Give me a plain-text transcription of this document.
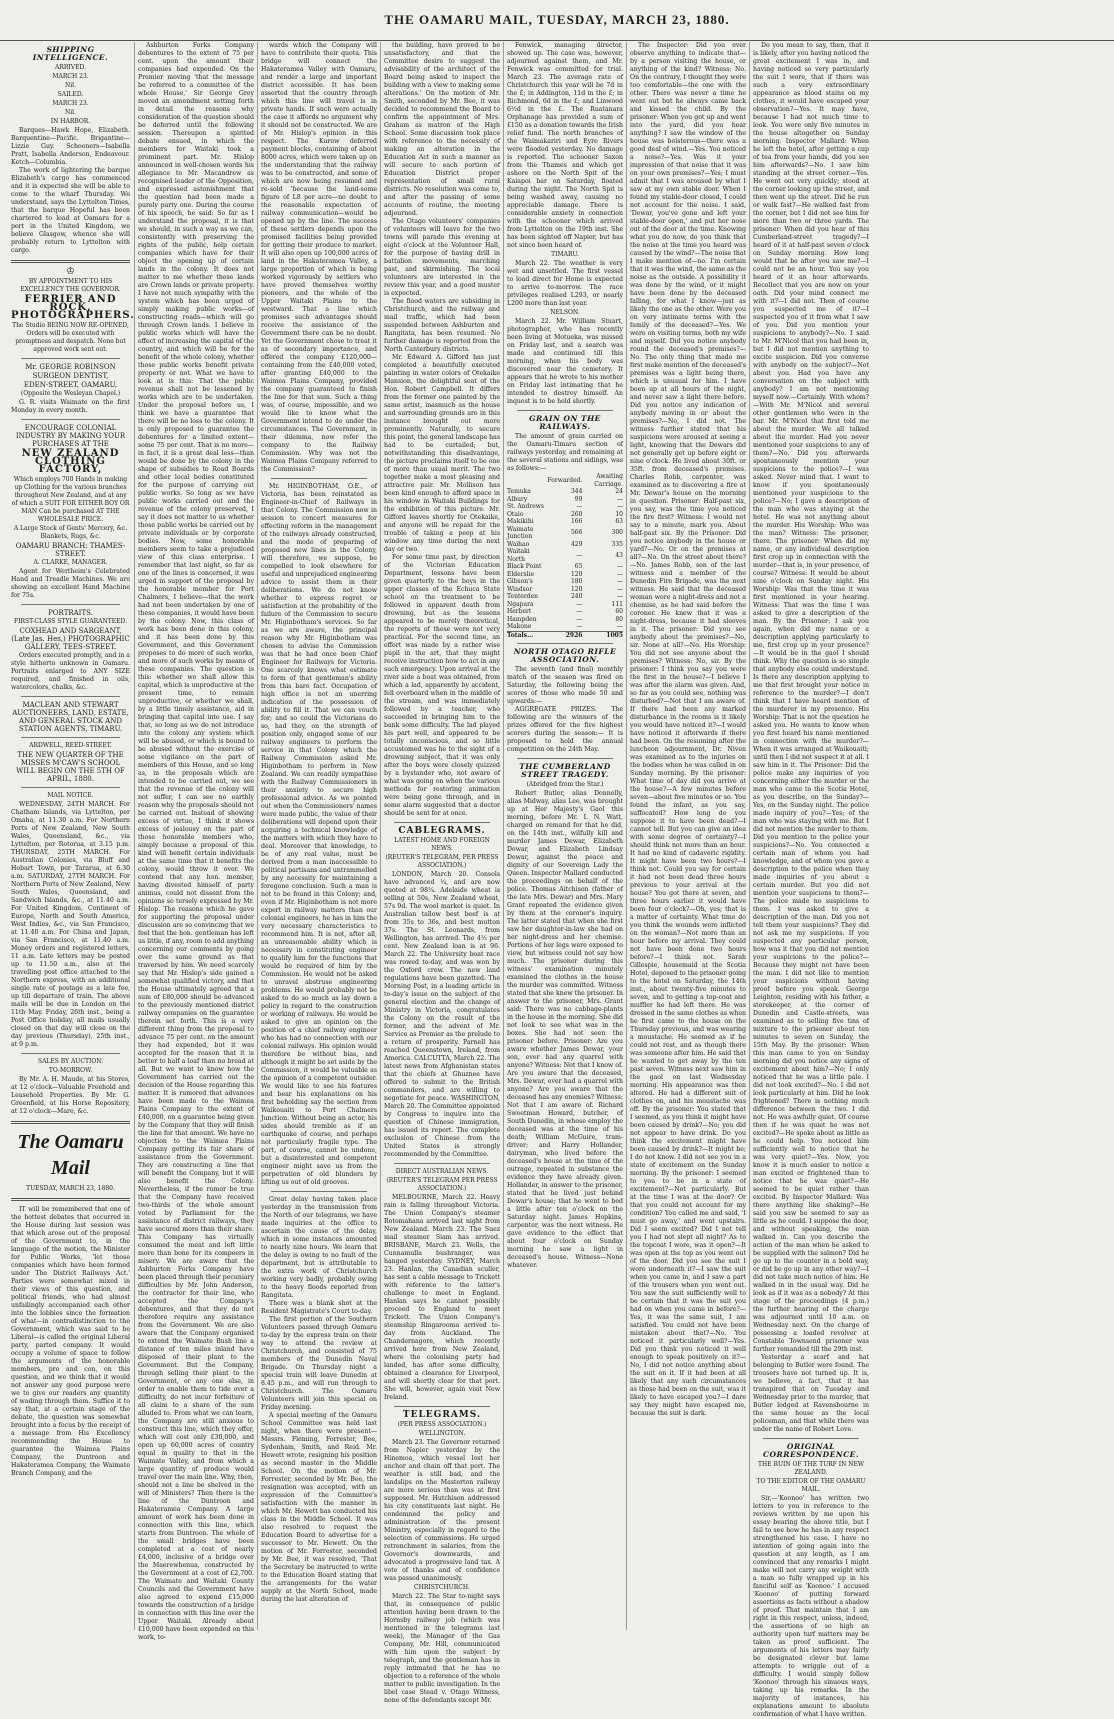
THE OAMARU MAIL, TUESDAY, MARCH 23, 1880.
SHIPPING INTELLIGENCE.
ARRIVED.
MARCH 23.
Nil.
SAILED.
MARCH 23.
Nil.
IN HARBOR.

Barques—Hawk Hope, Elizabeth. Barquentine—Pacific. Brigantine—Lizzie Guy. Schooners—Isabella Pratt, Isabella Anderson, Endeavour. Ketch—Columbia.

The work of lightering the barque Elizabeth's cargo has commenced and it is expected she will be able to come to the wharf Thursday. We understand, says the Lyttelton Times, that the barque Hopeful has been chartered to load at Oamaru for a port in the United Kingdom, we believe Glasgow, whence she will probably return to Lyttelton with cargo.

♔
BY APPOINTMENT TO HIS EXCELLENCY THE GOVERNOR.
FERRIER AND ROCK, PHOTOGRAPHERS.

The Studio BEING NOW RE-OPENED, Orders will be executed with promptness and despatch. None but approved work sent out.

Mr. GEORGE ROBINSON
SURGEON DENTIST,
EDEN-STREET, OAMARU,
(Opposite the Wesleyan Chapel.)

G. R. visits Waimate on the first Monday in every month.

ENCOURAGE COLONIAL INDUSTRY BY MAKING YOUR PURCHASES AT THE
NEW ZEALAND CLOTHING FACTORY,

Which employs 700 Hands in making up Clothing for the various branches throughout New Zealand, and at any of which a SUIT FOR EITHER BOY OR MAN Can be purchased AT THE WHOLESALE PRICE.

A Large Stock of Gents' Mercery, &c. Blankets, Rugs, &c.

OAMARU BRANCH: THAMES-STREET.
A. CLARKE, MANAGER.

Agent for Wertheim's Celebrated Hand and Treadle Machines. We are showing an excellent Hand Machine for 75s.

PORTRAITS.
FIRST-CLASS STYLE GUARANTEED.
COXHEAD AND SARGEANT, (Late Jas. Hes,) PHOTOGRAPHIC GALLERY, TEES-STREET.

Orders executed promptly, and in a style hitherto unknown in Oamaru. Portraits enlarged to ANY SIZE required, and finished in oils, watercolors, chalks, &c.

MACLEAN AND STEWART AUCTIONEERS, LAND, ESTATE, AND GENERAL STOCK AND STATION AGENTS, TIMARU.
ARDWELL, REED-STREET.
THE NEW QUARTER OF THE MISSES M'CAW'S SCHOOL WILL BEGIN ON THE 5TH OF APRIL, 1880.
MAIL NOTICE.

WEDNESDAY, 24TH MARCH. For Chatham Islands, via Lyttelton, per Omaha, at 11.30 a.m. For Northern Ports of New Zealand, New South Wales, Queensland, &c., via Lyttelton, per Rotorua, at 3.15 p.m. THURSDAY, 25TH MARCH. For Australian Colonies, via Bluff and Hobart Town, per Tararua, at 6.30 a.m. SATURDAY, 27TH MARCH. For Northern Ports of New Zealand, New South Wales, Queensland, and Sandwich Islands, &c., at 11.40 a.m. For United Kingdom, Continent of Europe, North and South America, West Indies, &c., via San Francisco, at 11.40 a.m. For China and Japan, via San Francisco, at 11.40 a.m. Money orders and registered letters, 11 a.m. Late letters may be posted up to 11.50 a.m., also at the travelling post office attached to the Northern express, with an additional single rate of postage as a late fee, up till departure of train. The above mails will be due in London on the 11th May. Friday, 26th inst., being a Post Office holiday, all mails usually closed on that day will close on the day previous (Thursday), 25th inst., at 9 p.m.

SALES BY AUCTION.
TO-MORROW.

By Mr. A. H. Maude, at his Stores, at 12 o'clock—Valuable Freehold and Leasehold Properties. By Mr. G. Greenfield, at his Horse Repository, at 12 o'clock—Mare, &c.

The Oamaru Mail
TUESDAY, MARCH 23, 1880.

IT will be remembered that one of the hottest debates that occurred in the House during last session was that which arose out of the proposal of the Government to, in the language of the motion, the Minister for Public Works, 'let those companies which have been formed under The District Railways Act.' Parties were somewhat mixed in their views of this question, and political friends, who had almost unfailingly accompanied each other into the lobbies since the formation of what—in contradistinction to the Government, which was said to be Liberal—is called the original Liberal party, parted company. It would occupy a volume of space to follow the arguments of the honorable members, pro and con, on this question, and we think that it would not answer any good purpose were we to give our readers any quantity of wading through them. Suffice it to say that, at a certain stage of the debate, the question was somewhat brought into a focus by the receipt of a message from His Excellency recommending the House to guarantee the Waimea Plains Company, the Duntroon and Hakateramea Company, the Waimate Branch Company, and the

Ashburton Forks Company debentures to the extent of 75 per cent. upon the amount their companies had expended. On the Premier moving 'that the message be referred to a committee of the whole House,' Sir George Grey moved an amendment setting forth in detail the reasons why consideration of the question should be deferred until the following session. Thereupon a spirited debate ensued, in which the members for Waitaki took a prominent part. Mr. Hislop announced in well-chosen words his allegiance to Mr. Macandrew as recognised leader of the Opposition, and expressed astonishment that the question had been made a purely party one. During the course of his speech, he said: So far as I understand the proposal, it is that we should, in such a way as we can, consistently with preserving the rights of the public, help certain companies which have for their object the opening up of certain lands in the colony. It does not matter to me whether these lands are Crown lands or private property. I have not much sympathy with the system which has been urged of simply making public works—of constructing roads—which will go through Crown lands. I believe in public works which will have the effect of increasing the capital of the country, and which will be for the benefit of the whole colony, whether those public works benefit private property or not. What we have to look at is this: That the public revenue shall not be lessened by works which are to be undertaken. Under the proposal before us, I think we have a guarantee that there will be no loss to the colony. It is only proposed to guarantee the debentures for a limited extent—some 75 per cent. That is no more—in fact, it is a great deal less—than would be done by the colony in the shape of subsidies to Road Boards and other local bodies constituted for the purpose of carrying out public works. So long as we have public works carried out and the revenue of the colony preserved, I say it does not matter to us whether those public works be carried out by private individuals or by corporate bodies. Now, some honorable members seem to take a prejudiced view of this class enterprise. I remember that last night, so far as one of the lines is concerned, it was urged in support of the proposal by the honorable member for Port Chalmers, I believe—that the work had not been undertaken by one of these companies, it would have been by the colony. Now, this class of work has been done in this colony, and it has been done by this Government, and this Government proposes to do more of such works, and more of such works by means of these companies. The question is this: whether we shall allow this capital, which is unproductive at the present time, to remain unproductive, or whether we shall, by a little timely assistance, aid in bringing that capital into use. I say that, so long as we do not introduce into the colony any system which will be abused, or which is bound to be abused without the exercise of some vigilance on the part of members of this House, and so long as, in the proposals which are intended to be carried out, we see that the revenue of the colony will not suffer, I can see no earthly reason why the proposals should not be carried out. Instead of showing excess of virtue, I think it shows excess of jealousy on the part of those honorable members who, simply because a proposal of this kind will benefit certain individuals at the same time that it benefits the colony, would throw it over. We contend that any hon. member, having divested himself of party animus, could not dissent from the opinions so tersely expressed by Mr. Hislop. The reasons which he gave for supporting the proposal under discussion are so convincing that we feel that the hon. gentleman has left us little, if any, room to add anything concerning our comments by going over the same ground as that traversed by him. We need scarcely say that Mr. Hislop's side gained a somewhat qualified victory, and that the House ultimately agreed that a sum of £80,000 should be advanced to the previously mentioned district railway companies on the guarantee therein set forth. This is a very different thing from the proposal to advance 75 per cent. on the amount they had expended, but it was accepted for the reason that it is better to half a loaf than no bread at all. But we want to know how the Government has carried out the decision of the House regarding this matter. It is rumored that advances have been made to the Waimea Plains Company to the extent of £40,000, on a guarantee being given by the Company that they will finish the line for that amount. We have no objection to the Waimea Plains Company getting its fair share of assistance from the Government. They are constructing a line that will benefit the Company, but it will also benefit the Colony. Nevertheless, if the rumor be true that the Company have received two-thirds of the whole amount voted by Parliament for the assistance of district railways, they have secured more than their share. This Company has virtually consumed the meat and left little more than bone for its compeers in misery. We are aware that the Ashburton Forks Company have been placed through their pecuniary difficulties by Mr. John Anderson, the contractor for their line, who accepted the Company's debentures, and that they do not therefore require any assistance from the Government. We are also aware that the Company organised to extend the Waimate Bush line a distance of ten miles inland have disposed of their plant to the Government. But the Company, through selling their plant to the Government, or any one else, in order to enable them to tide over a difficulty, do not incur forfeiture of all claim to a share of the sum alluded to. From what we can learn, the Company are still anxious to construct this line, which they offer, which will cost only £30,000, and open up 60,000 acres of country equal in quality to that in the Waimate Valley, and from which a large quantity of produce would travel over the main line. Why, then, should not a line be shelved in the will of Ministers? Then there is the line of the Duntroon and Hakateramea Company. A large amount of work has been done in connection with this line, which starts from Duntroon. The whole of the small bridges have been completed at a cost of nearly £4,000, inclusive of a bridge over the Maerewhenua, constructed by the Government at a cost of £2,700. The Waimate and Waitaki County Councils and the Government have also agreed to expend £15,000 towards the construction of a bridge in connection with this line over the Upper Waitaki. Already about £10,000 have been expended on this work, to-

wards which the Company will have to contribute their quota. This bridge will connect the Hakateramea Valley with Oamaru, and render a large and important district accessible. It has been asserted that the country through which this line will travel is in private hands. If such were actually the case it affords no argument why it should not be constructed. We are of Mr. Hislop's opinion in this respect. The Kurow deferred payment blocks, containing of about 8000 acres, which were taken up on the understanding that the railway was to be constructed, and some of which are now being resumed and re-sold 'because the land-some figure of L8 per acre—no doubt to the reasonable expectation of railway communication—would be opened up by the line. The success of these settlers depends upon the promised facilities being provided for getting their produce to market. It will also open up 100,000 acres of land in the Hakateramea Valley, a large proportion of which is being worked vigorously by settlers who have proved themselves worthy pioneers, and the whole of the Upper Waitaki Plains to the westward. That a line which promises such advantages should receive the assistance of the Government there can be no doubt. Yet the Government chose to treat it as of secondary importance, and offered the company £120,000—containing from the £40,000 voted, after granting £40,000 to the Waimea Plains Company, provided the company guaranteed to finish the line for that sum. Such a thing was, of course, impossible, and we would like to know what the Government intend to do under the circumstances. The Government, in their dilemma, now refer the company to the Railway Commission. Why was not the Waimea Plains Company referred to the Commission?

Mr. HIGINBOTHAM, O.E., of Victoria, has been reinstated as Engineer-in-Chief of Railways in that Colony. The Commission now in session to concert measures for effecting reform in the management of the railways already constructed, and the mode of preparing of proposed new lines in the Colony, will therefore, we suppose, be compelled to look elsewhere for useful and unprejudiced engineering advice to assist them in their deliberations. We do not know whether to express regret or satisfaction at the probability of the failure of the Commission to secure Mr. Higinbotham's services. So far as we are aware, the principal reason why Mr. Higinbotham was chosen to advise the Commission was that he had once been Chief Engineer for Railways for Victoria. One scarcely knows what estimate to form of that gentleman's ability from this bare fact. Occupation of high office is not an unerring indication of the possession of ability to fill it. That we can vouch for; and so could the Victorians do so, had they, on the strength of position only, engaged some of our railway engineers to perform the service in that Colony which the Railway Commission asked Mr. Higinbotham to perform in New Zealand. We can readily sympathise with the Railway Commissioners in their anxiety to secure high professional advice. As we pointed out when the Commissioners' names were made public, the value of their deliberations will depend upon their acquiring a technical knowledge of the matters with which they have to deal. Moreover that knowledge, to be of any real value, must be derived from a man inaccessible to political partisans and untrammelled by any necessity for maintaining a foregone conclusion. Such a man is not to be found in this Colony; and, even if Mr. Higinbotham is not more expert in railway matters than our colonial engineers, he has in him the very necessary characteristics to recommend him. It is not, after all, an unreasonable ability which is necessary in constituting engineer to qualify him for the functions that would be required of him by the Commission. He would not be asked to unravel abstruse engineering problems. He would probably not be asked to do so much as lay down a policy in regard to the construction or working of railways. He would be asked to give an opinion on the position of a chief railway engineer who has had no connection with our colonial railways. His opinion would therefore be without bias, and although it might be set aside by the Commission, it would be valuable as the opinion of a competent outsider. We would like to see his features and bear his explanations on his first beholding say the section from Waikouaiti to Port Chalmers Junction. Without being an actor, his sides should tremble as if an earthquake of course, and perhaps not particularly fragile type. The part, of course, cannot be undone, but a disinterested and competent engineer might save us from the perpetration of old blunders by lifting us out of old grooves.

Great delay having taken place yesterday in the transmission from the North of our telegrams, we have made inquiries at the office to ascertain the cause of the delay, which in some instances amounted to nearly nine hours. We learn that the delay is owing to no fault of the department, but is attributable to the extra work of Christchurch working very badly, probably owing to the heavy floods reported from Rangitata.

There was a blank shot at the Resident Magistrate's Court to-day.

The first portion of the Southern Volunteers passed through Oamaru to-day by the express train on their way to attend the review at Christchurch, and consisted of 75 members of the Dunedin Naval Brigade. On Thursday night a special train will leave Dunedin at 8.45 p.m., and will run through to Christchurch. The Oamaru Volunteers will join this special on Friday morning.

A special meeting of the Oamaru School Committee was held last night, when there were present—Messrs. Fleming, Forrester, Bee, Sydenham, Smith, and Reid. Mr. Hewett wrote, resigning his position as second master in the Middle School. On the motion of Mr. Forrester, seconded by Mr. Bee, the resignation was accepted, with an expression of the Committee's satisfaction with the manner in which Mr. Hewett has conducted his class in the Middle School. It was also resolved to request the Education Board to advertise for a successor to Mr. Hewett. On the motion of Mr. Forrester, seconded by Mr. Bee, it was resolved, 'That the Secretary be instructed to write to the Education Board stating that the arrangements for the water supply at the North School, made during the last alteration of

the building, have proved to be unsatisfactory, and that the Committee desire to suggest the advisability of the architect of the Board being asked to inspect the building with a view to making some alterations.' On the motion of Mr. Smith, seconded by Mr. Bee, it was decided to recommend the Board to confirm the appointment of Mrs. Graham as matron of the High School. Some discussion took place with reference to the necessity of making an alteration in the Education Act in such a manner as will secure to each portion of Education District proper representation of small rural districts. No resolution was come to, and after the passing of some accounts of routine, the meeting adjourned.

The Otago volunteers' companies of volunteers will leave for the two towns will parade this evening at eight o'clock at the Volunteer Hall, for the purpose of having drill in battalion movements, marching past, and skirmishing. The local volunteers are interested in the review this year, and a good muster is expected.

The flood waters are subsiding in Christchurch, and the railway and mail traffic, which had been suspended between Ashburton and Rangitata, has been resumed. No further damage is reported from the North Canterbury districts.

Mr. Edward A. Gifford has just completed a beautifully executed painting in water colors of Otekaike Mansion, the delightful seat of the Hon. Robert Campbell. It differs from the former one painted by the same artist, inasmuch as the house and surrounding grounds are in this instance brought out more prominently. Naturally, to secure this point, the general landscape has had to be curtailed; but, notwithstanding this disadvantage, the picture proclaims itself to be one of more than usual merit. The two together make a most pleasing and attractive pair. Mr. Mollison has been kind enough to afford space in his window in Waitaki Buildings for the exhibition of this picture. Mr. Gifford leaves shortly for Otekaike, and anyone will be repaid for the trouble of taking a peep at his window any time during the next day or two.

For some time past, by direction of the Victorian Education Department, lessons have been given quarterly to the boys in the upper classes of the Echuca State school on the treatment to be followed in apparent death from drowning, but as the lessons appeared to be merely theoretical, the reports of these were not very practical. For the second time, an effort was made by a rather wise pupil in the art, that they might receive instruction how to act in any such emergency. Upon arrival at the river side a boat was obtained, from which a lad, apparently by accident, fell overboard when in the middle of the stream, and was immediately followed by a teacher, who succeeded in bringing him to the bank some difficulty. The lad played his part well, and appeared to be totally unconscious, and so little accustomed was he to the sight of a drowning subject, that it was only after the boys were closely quizzed by a bystander who, not aware of what was going on when the various methods for restoring animation were being gone through, and in some alarm suggested that a doctor should be sent for at once.

CABLEGRAMS.
LATEST HOME AND FOREIGN NEWS.
(REUTER'S TELEGRAM, PER PRESS ASSOCIATION.)

LONDON, March 20. Consols have advanced ¼, and are now quoted at 98¼. Adelaide wheat is selling at 50s, New Zealand wheat, 57s 9d. The wool market is quiet. In Australian tallow best beef is at from 35s to 36s, and best mutton 37s. The St. Leonards, from Wellington, has arrived. The 4½ per cent. New Zealand loan is at 96. March 22. The University boat race was rowed to-day, and was won by the Oxford crew. The new land regulations have been gazetted. The Morning Post, in a leading article in to-day's issue on the subject of the general election and the change of Ministry in Victoria, congratulates the Colony on the result of the former, and the advent of Mr. Service as Premier as the prelude to a return of prosperity. Parnell has reached Queenstown, Ireland, from America. CALCUTTA, March 22. The latest news from Afghanistan states that the chiefs at Ghuznee have offered to submit to the British commanders, and are willing to negotiate for peace. WASHINGTON, March 20. The Committee appointed by Congress to inquire into the question of Chinese immigration, has issued its report. The complete exclusion of Chinese from the United States is strongly recommended by the Committee.

DIRECT AUSTRALIAN NEWS.
(REUTER'S TELEGRAM PER PRESS ASSOCIATION.)

MELBOURNE, March 22. Heavy rain is falling throughout Victoria. The Union Company's steamer Rotomahana arrived last night from New Zealand. March 23. The Suez mail steamer Siam has arrived. BRISBANE, March 23. Wells, the Cunnamulla bushranger, was hanged yesterday. SYDNEY, March 23. Hanlan, the Canadian sculler, has sent a cable message to Trickett with reference to the latter's challenge to meet in England. Hanlan says he cannot possibly proceed to England to meet Trickett. The Union Company's steamship Ringarooma arrived to-day from Auckland. The Chandernagore, which recently arrived here from New Zealand, where the colonising party had landed, has after some difficulty, obtained a clearance for Liverpool, and will shortly clear for that port. She will, however, again visit New Ireland.

TELEGRAMS.
(PER PRESS ASSOCIATION.)
WELLINGTON.

March 23. The Governor returned from Napier yesterday by the Hinemoa, which vessel lost her anchor and chain off that port. The weather is still bad, and the landslips on the Masterton railway are more serious than was at first supposed. Mr. Hutchison addressed his city constituents last night. He condemned the policy and administration of the present Ministry, especially in regard to the selection of commissions. He urged retrenchment in salaries, from the Governor's downwards, and advocated a progressive land tax. A vote of thanks and of confidence was passed unanimously.

CHRISTCHURCH.

March 22. The Star to-night says that, in consequence of public attention having been drawn to the Hornsby railway job (which was mentioned in the telegrams last week), the Manager of the Gas Company, Mr. Hill, communicated with him upon the subject by telegraph, and the gentleman has in reply intimated that he has no objection to a reference of the whole matter to public investigation. In the libel case Stead v. Otago Witness, none of the defendants except Mr.

Fenwick, managing director, showed up. The case was, however, adjourned against them, and Mr. Fenwick was committed for trial. March 23. The average rate of Christchurch this year will be 7d in the £; in Addington, 11d in the £; in Richmond, 6d in the £; and Linwood 6½d in the £. The Ruatanara Orphanage has provided a sum of £150 as a donation towards the Irish relief fund. The north branches of the Waimakariri and Eyre Rivers were flooded yesterday. No damage is reported. The schooner Saxon from the Thames and which got ashore on the North Spit of the Kaiapoi bar on Saturday, floated during the night. The North Spit is being washed away, causing no appreciable damage. There is considerable anxiety in connection with the schooner which arrived from Lyttelton on the 19th inst. She has been sighted off Napier, but has not since been heard of.

TIMARU.

March 22. The weather is very wet and unsettled. The first vessel to load direct for Home is expected to arrive to-morrow. The race privileges realised L293, or nearly L200 more than last year.

NELSON.

March 22. Mr. William Stuart, photographer, who has recently been living at Motueka, was missed on Friday last, and a search was made and continued till this morning, when his body was discovered near the cemetery. It appears that he wrote to his mother on Friday last intimating that he intended to destroy himself. An inquest is to be held shortly.

GRAIN ON THE RAILWAYS.

The amount of grain carried on the Oamaru-Timaru section of railways yesterday, and remaining at the several stations and sidings, was as follows:—

	Forwarded.	Awaiting Carriage.
Temuka	344	24
Albury	99	—
St. Andrews	—	—
Otaio	260	10
Makikihi	166	63
Waimate Junction	566	300
Waihao	429	335
Waitaki North	—	43
Black Point	65	—
Elderslie	120	—
Gibson's	180	—
Windsor	120	—
Tenterden	240	—
Ngapara	—	111
Herbert	—	60
Hampden	—	80
Makone	—	—
Totals...	2926	1005
NORTH OTAGO RIFLE ASSOCIATION.

The seventh (and final) monthly match of the season was fired on Saturday, the following being the scores of those who made 50 and upwards:—

AGGREGATE PRIZES. The following are the winners of the prizes offered for the five highest scorers during the season:— It is proposed to hold the annual competition on the 24th May.

THE CUMBERLAND STREET TRAGEDY.
(Abridged from the Star.)

Robert Butler, alias Donnelly, alias Midway, alias Lee, was brought up at Her Majesty's Gaol this morning, before Mr. I. N. Watt, charged on remand for that he did, on the 14th inst., wilfully kill and murder James Dewar, Elizabeth Dewar, and Elizabeth Lindsay Dewar, against the peace and dignity of our Sovereign Lady the Queen. Inspector Mallard conducted the proceedings on behalf of the police. Thomas Aitchison (father of the late Mrs. Dewar) and Mrs. Mary Grant repeated the evidence given by them at the coroner's inquiry. The latter stated that when she first saw her daughter-in-law she had on her night-dress and her chemise. Portions of her legs were exposed to view, but witness could not say how much. The prisoner during this witness' examination minutely examined the clothes in the house the murder was committed. Witness stated that she knew the prisoner. In answer to the prisoner, Mrs. Grant said: There was no cabbage-plants in the house in the morning. She did not look to see what was in the boxes. She had not seen the prisoner before. Prisoner: Are you aware whether James Dewar, your son, ever had any quarrel with anyone? Witness: Not that I know of. Are you aware that the deceased, Mrs. Dewar, ever had a quarrel with anyone? Are you aware that the deceased has any enemies? Witness: Not that I am aware of. Richard Sweetman Howard, butcher, of South Dunedin, in whose employ the deceased was at the time of his death; William McGuire, tram-driver; and Harry Hollander, dairyman, who lived before the deceased's house at the time of the outrage, repeated in substance the evidence they have already given. Hollander, in answer to the prisoner, stated that he lived just behind Dewar's house; that he went to bed a little after ten o'clock on the Saturday night. James Hopkins, carpenter, was the next witness. He gave evidence to the effect that about four o'clock on Sunday morning he saw a light in deceased's house. Witness—None whatever.

The Inspector: Did you ever observe anything to indicate that—by a person visiting the house, or anything of the kind? Witness: No. On the contrary, I thought they were too comfortable—the one with the other. There was never a time he went out but he always came back and kissed the child. By the prisoner: When you got up and went into the yard, did you hear anything? I saw the window of the house was boisterous—there was a good deal of wind.—Yes. You noticed a noise?—Yes. Was it your impression of that noise that it was on your own premises?—Yes; I must admit that I was aroused by what I saw at my own stable door. When I found my stable-door closed, I could not account for the noise. I said, 'Dewar, you've gone and left your stable-door open,' and put her nose out of the door at the time. Knowing what you do now, do you think that the noise at the time you heard was caused by the wind?—The noise that I make mention of—no. I'm certain that it was the wind, the same as the noise as the outside. A possibility it was done by the wind, or it might have been done by the deceased falling, for what I know—just as likely the one as the other. Were you on very intimate terms with the family of the deceased?—Yes. We were on visiting terms, both my wife and myself. Did you notice anybody round the deceased's premises?—No. The only thing that made me first make mention of the deceased's premises was a light being there, which is unusual for him. I have been up at all hours of the night, and never saw a light there before. Did you notice any indication of anybody moving in or about the premises?—No, I did not. The witness further stated that his suspicions were aroused at seeing a light, knowing that the Dewars did not generally get up before eight or nine o'clock. He lived about 30ft. or 35ft. from deceased's premises. Charles Robb, carpenter, was examined as to discovering a fire at Mr. Dewar's house on the morning in question. Prisoner: Half-past six, you say, was the time you noticed the fire first? Witness: I would not say to a minute, mark you. About half-past six. By the Prisoner: Did you notice anybody in the house or yard?—No. Or on the premises at all?—No. On the street about there?—No. James Robb, son of the last witness and a member of the Dunedin Fire Brigade, was the next witness. He said that the deceased woman wore a night-dress and not a chemise, as he had said before the coroner. He knew that it was a night-dress, because it had sleeves in it. The prisoner: Did you see anybody about the premises?—No, sir. None at all?—No. His Worship: You did not see anyone about the premises? Witness: No, sir. By the prisoner: I think you say you were the first in the house?—I believe I was after the alarm was given. And, so far as you could see, nothing was disturbed?—Not that I am aware of. If there had been any marked disturbance in the rooms is it likely you would have noticed it?—I would have noticed it afterwards if there had been. On the resuming after the luncheon adjournment, Dr. Niven was examined as to the injuries on the bodies when he was called in on Sunday morning. By the prisoner: What time of day did you arrive at the house?—A few minutes before seven—about five minutes or so. You found the infant, as you say, suffocated? How long do you suppose it to have been dead?—I cannot tell. But you can give an idea with some degree of certainty?—I should think not more than an hour. It had no kind of cadaveric rigidity. It might have been two hours?—I think not. Could you say for certain it had not been dead three hours previous to your arrival at the house? You got there at seven, and three hours earlier it would have been four o'clock?—Oh, yes; that is a matter of certainty. What time do you think the wounds were inflicted on the woman?—Not more than an hour before my arrival. They could not have been done two hours before?—I think not. Sarah Gillespie, housemaid at the Scotia Hotel, deposed to the prisoner going to the hotel on Saturday, the 14th inst., about twenty-five minutes to seven, and to getting a top-coat and muffler he had left there. He was dressed in the same clothes as when he first came to the house on the Thursday previous, and was wearing a moustache. He seemed as if he could not rest, and as though there was someone after him. He said that he wanted to get away by the ten past seven. Witness next saw him in the gaol on last Wednesday morning. His appearance was then altered. He had a different suit of clothes on, and his moustache was off. By the prisoner: You stated that I seemed, as you think it might have been caused by drink?—No; you did not appear to have drink. Do you think the excitement might have been caused by drink?—It might be; I do not know. I did not see you in a state of excitement on the Sunday morning. By the prisoner: I seemed to you to be in a state of excitement?—Not particularly. But at the time I was at the door? Or that you could not account for my condition? You called me and said, 'I must go away,' and went upstairs. Did I seem excited? Did I not tell you I had not slept all night? As to the topcoat I wore, was it open?—It was open at the top as you went out of the door. Did you see the suit I wore underneath it?—I saw the suit when you came in, and I saw a part of the trousers when you went out. You saw the suit sufficiently well to be certain that it was the suit you had on when you came in before?—Yes, it was the same suit, I am satisfied. You could not have been mistaken about that?—No. You noticed it particularly well?—Yes. Did you think you noticed it well enough to speak positively on it?—No, I did not notice anything about the suit on it. If it had been at all likely that any such circumstances as those had been on the suit, was it likely to have escaped you?—I dare say they might have escaped me, because the suit is dark.

Do you mean to say, then, that it is likely, after you having noticed the great excitement I was in, and having noticed so very particularly the suit I wore, that if there was such a very extraordinary appearance as blood stains on my clothes, it would have escaped your observation?—Yes. It may have, because I had not much time to look. You were only five minutes in the house altogether on Sunday morning. Inspector Mallard: When he left the hotel, after getting a cup of tea from your hands, did you see him afterwards?—No. I saw him standing at the street corner.—Yes. He went out very quickly; stood at the corner looking up the street, and then went up the street. Did he run or walk fast?—He walked fast from the corner, but I did not see him for more than two or three yards. The prisoner: When did you hear of this Cumberland-street tragedy?—I heard of it at half-past seven o'clock on Sunday morning. How long would that be after you saw me?—I could not be an hour. You say you heard of it an hour afterwards. Recollect that you are now on your oath. Did your mind connect me with it?—I did not. Then of course you suspected me of it?—I suspected you of it from what I saw of you. Did you mention your suspicions to anybody?—No. I said to Mr. M'Nicol that you had been in, but I did not mention anything to excite suspicion. Did you converse with anybody on the subject?—Not about you. Had you have any conversation on the subject with anybody? I am not mentioning myself now.—Certainly. With whom?—With Mr. M'Nicol and several other gentlemen who were in the bar. Mr. M'Nicol that first told me about the murder. We all talked about the murder. Had you never mentioned your suspicions to any of them?—No. Did you afterwards spontaneously mention your suspicions to the police?—I was asked. Never mind that. I want to know if you spontaneously mentioned your suspicions to the police?—No; I gave a description of the man who was staying at the hotel. He was not anything about the murder. His Worship: Who was the man? Witness: The prisoner, there. The prisoner: When did my name, or any individual description first crop up in connection with the murder—that is, in your presence, of course? Witness: It would be about nine o'clock on Sunday night. His Worship: Was that the time it was first mentioned in your hearing. Witness: That was the time I was asked to give a description of the man. By the Prisoner: I ask you again, when did my name or a description applying particularly to me, first crop up in your presence?—It would be in the gaol I should think. Why the question is so simple that anybody else could understand. Is there any description applying to me that first brought your notice in reference to the murder?—I don't think that I have heard mention of the murderer in my presence. His Worship: That is not the question he asked you. He wants to know when you first heard his name mentioned in connection with the murder?—When it was arranged at Waikouaiti; until then I did not suspect it at all. I saw him in it. The Prisoner: Did the police make any inquiries of you concerning either the murder or the man who came to the Scotia Hotel, as you describe, on the Sunday?—Yes, on the Sunday night. The police made inquiry of you?—Yes; of the man who was staying with me. But I did not mention the murder to them. Did you mention to the police your suspicions?—No. You connected a certain man of whom you had knowledge, and of whom you gave a description to the police when they made inquiries of you about a certain murder. But you did not mention your suspicions to them?—The police made no suspicions to them. I was asked to give a description of the man. Did you not tell them your suspicions? They did not ask me my suspicions. If you suspected any particular person, how was it that you did not mention your suspicions to the police?—Because they might not have been the man. I did not like to mention your suspicions without having proof before you speak. George Leighton, residing with his father, a storekeeper, at the corner of Dunedin and Castle-streets, was examined as to selling five tins of mixture to the prisoner about ten minutes to seven on Sunday, the 15th May. By the prisoner: When this man came to you on Sunday morning did you notice any signs of excitement about him?—No; I only noticed that he was a little pale. I did not look excited?—No. I did not look particularly at him. Did he look frightened? There is nothing much difference between the two. I did not. He was awfully quiet. Of course then if he was quiet he was not excited?—He spoke about as little as he could help. You noticed him sufficiently well to notice that he was very quiet?—Yes. Now, you know it is much easier to notice a man excited or frightened than to notice that he was quiet?—He seemed to be quiet rather than excited. By Inspector Mallard: Was there anything like shaking?—He said you saw he seemed to say as little as he could. I suppose the door, and without speaking, the man walked in. Can you describe the action of the man when he asked to be supplied with the salmon? Did he go up to the counter in a bold way, or did he go up in any other way?—I did not take much notice of him. He walked in in the usual way. Did he look as if it was as a nobody? At this stage of the proceedings (4 p.m.) the further hearing of the charge was adjourned until 10 a.m. on Wednesday next. On the charge of possessing a loaded revolver at Constable Townsend prisoner was further remanded till the 29th inst.

Yesterday a scarf and hat belonging to Butler were found. The trousers have not turned up. It is, we believe, a fact, that it has transpired that on Tuesday and Wednesday prior to the murder, that Butler lodged at Ravensbourne in the same house as the local policeman, and that while there was under the name of Robert Love.

ORIGINAL CORRESPONDENCE.
THE RUIN OF THE TURF IN NEW ZEALAND.
TO THE EDITOR OF THE OAMARU MAIL.

Sir,—'Koonoo' has written two letters to you in reference to the reviews written by me upon his essay bearing the above title, but I fail to see how he has in any respect strengthened his case. I have no intention of going again into the question at any length, as I am convinced that any remarks I might make will not carry any weight with a man so fully wrapped up in his fanciful self as 'Koonoo.' I accused 'Koonoo' of putting forward assertions as facts without a shadow of proof. That maintain that I am right in this respect, unless, indeed, the assertions of so high an authority upon turf matters may be taken as proof sufficient. The arguments of his letters may fairly be designated clever but lame attempts to wriggle out of a difficulty. I would simply follow 'Koonoo' through his sinuous ways, taking up his remarks. In the majority of instances, his explanations amount to absolute confirmation of what I have written.
